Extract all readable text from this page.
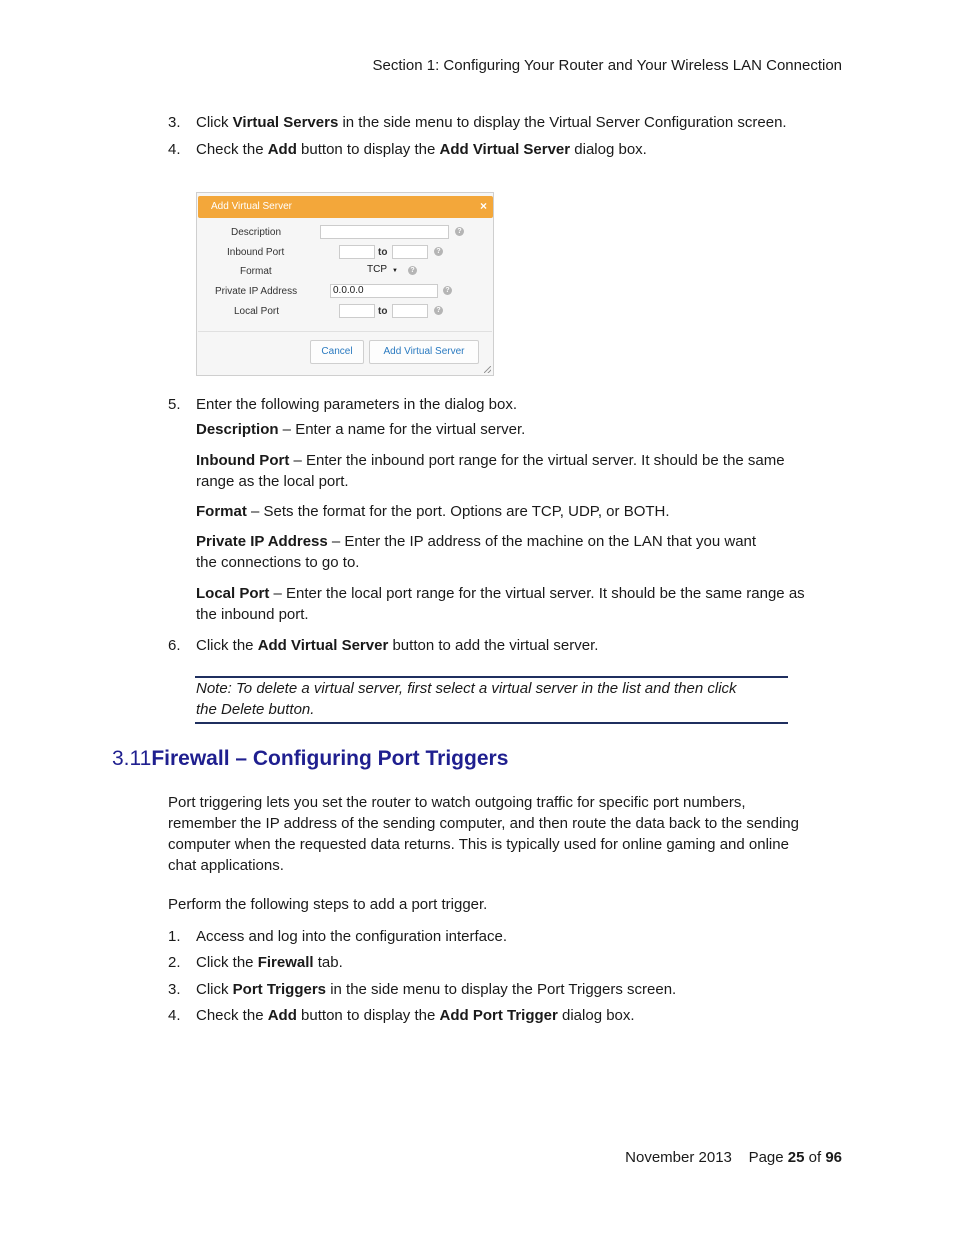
Section 1: Configuring Your Router and Your Wireless LAN Connection
3. Click Virtual Servers in the side menu to display the Virtual Server Configuration screen.
4. Check the Add button to display the Add Virtual Server dialog box.
Add Virtual Server	×
Description	?
Inbound Port	to	?
Format	TCP ▼	?
Private IP Address	0.0.0.0	?
Local Port	to	?
Cancel	Add Virtual Server
5. Enter the following parameters in the dialog box.
Description – Enter a name for the virtual server.
Inbound Port – Enter the inbound port range for the virtual server. It should be the same
range as the local port.
Format – Sets the format for the port. Options are TCP, UDP, or BOTH.
Private IP Address – Enter the IP address of the machine on the LAN that you want
the connections to go to.
Local Port – Enter the local port range for the virtual server. It should be the same range as
the inbound port.
6. Click the Add Virtual Server button to add the virtual server.
Note: To delete a virtual server, first select a virtual server in the list and then click
the Delete button.
3.11Firewall – Configuring Port Triggers
Port triggering lets you set the router to watch outgoing traffic for specific port numbers,
remember the IP address of the sending computer, and then route the data back to the sending
computer when the requested data returns. This is typically used for online gaming and online
chat applications.
Perform the following steps to add a port trigger.
1. Access and log into the configuration interface.
2. Click the Firewall tab.
3. Click Port Triggers in the side menu to display the Port Triggers screen.
4. Check the Add button to display the Add Port Trigger dialog box.
November 2013 Page 25 of 96
